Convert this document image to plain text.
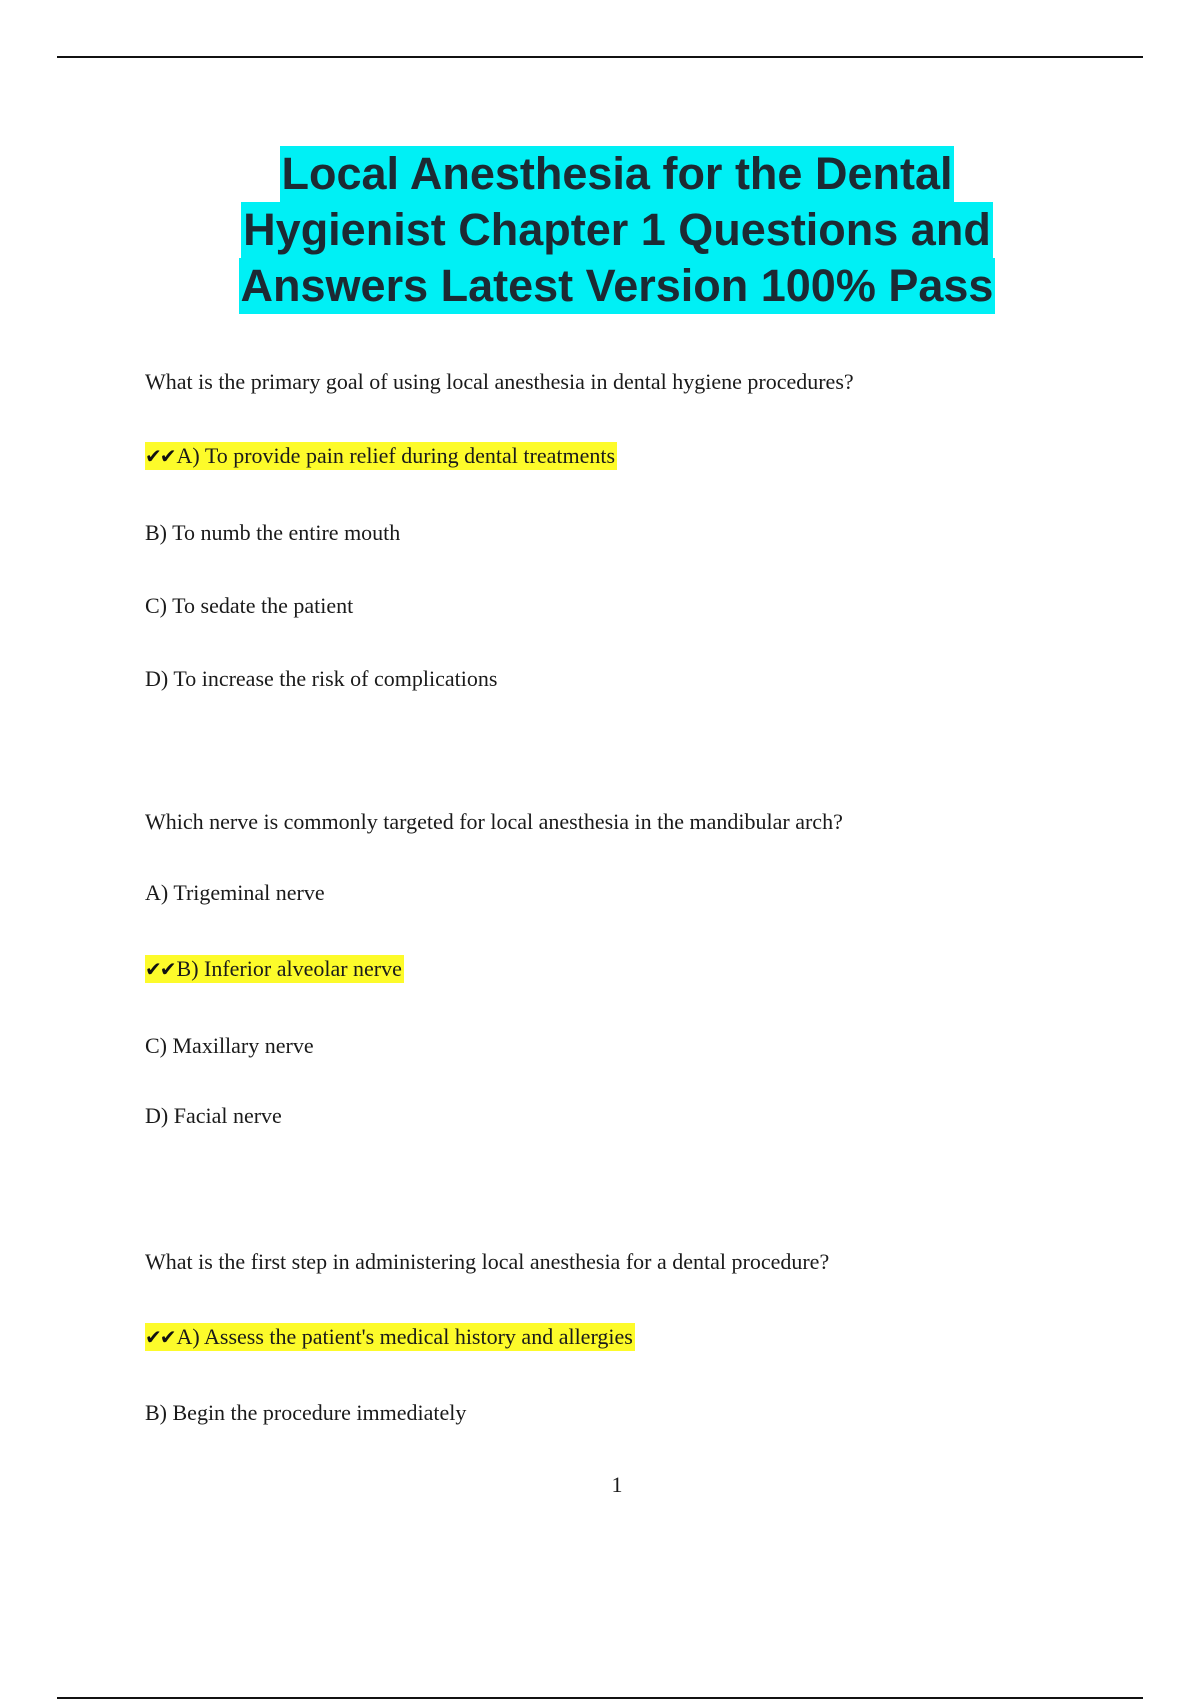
Local Anesthesia for the Dental
Hygienist Chapter 1 Questions and
Answers Latest Version 100% Pass
What is the primary goal of using local anesthesia in dental hygiene procedures?
✔✔A) To provide pain relief during dental treatments
B) To numb the entire mouth
C) To sedate the patient
D) To increase the risk of complications
Which nerve is commonly targeted for local anesthesia in the mandibular arch?
A) Trigeminal nerve
✔✔B) Inferior alveolar nerve
C) Maxillary nerve
D) Facial nerve
What is the first step in administering local anesthesia for a dental procedure?
✔✔A) Assess the patient's medical history and allergies
B) Begin the procedure immediately
1
